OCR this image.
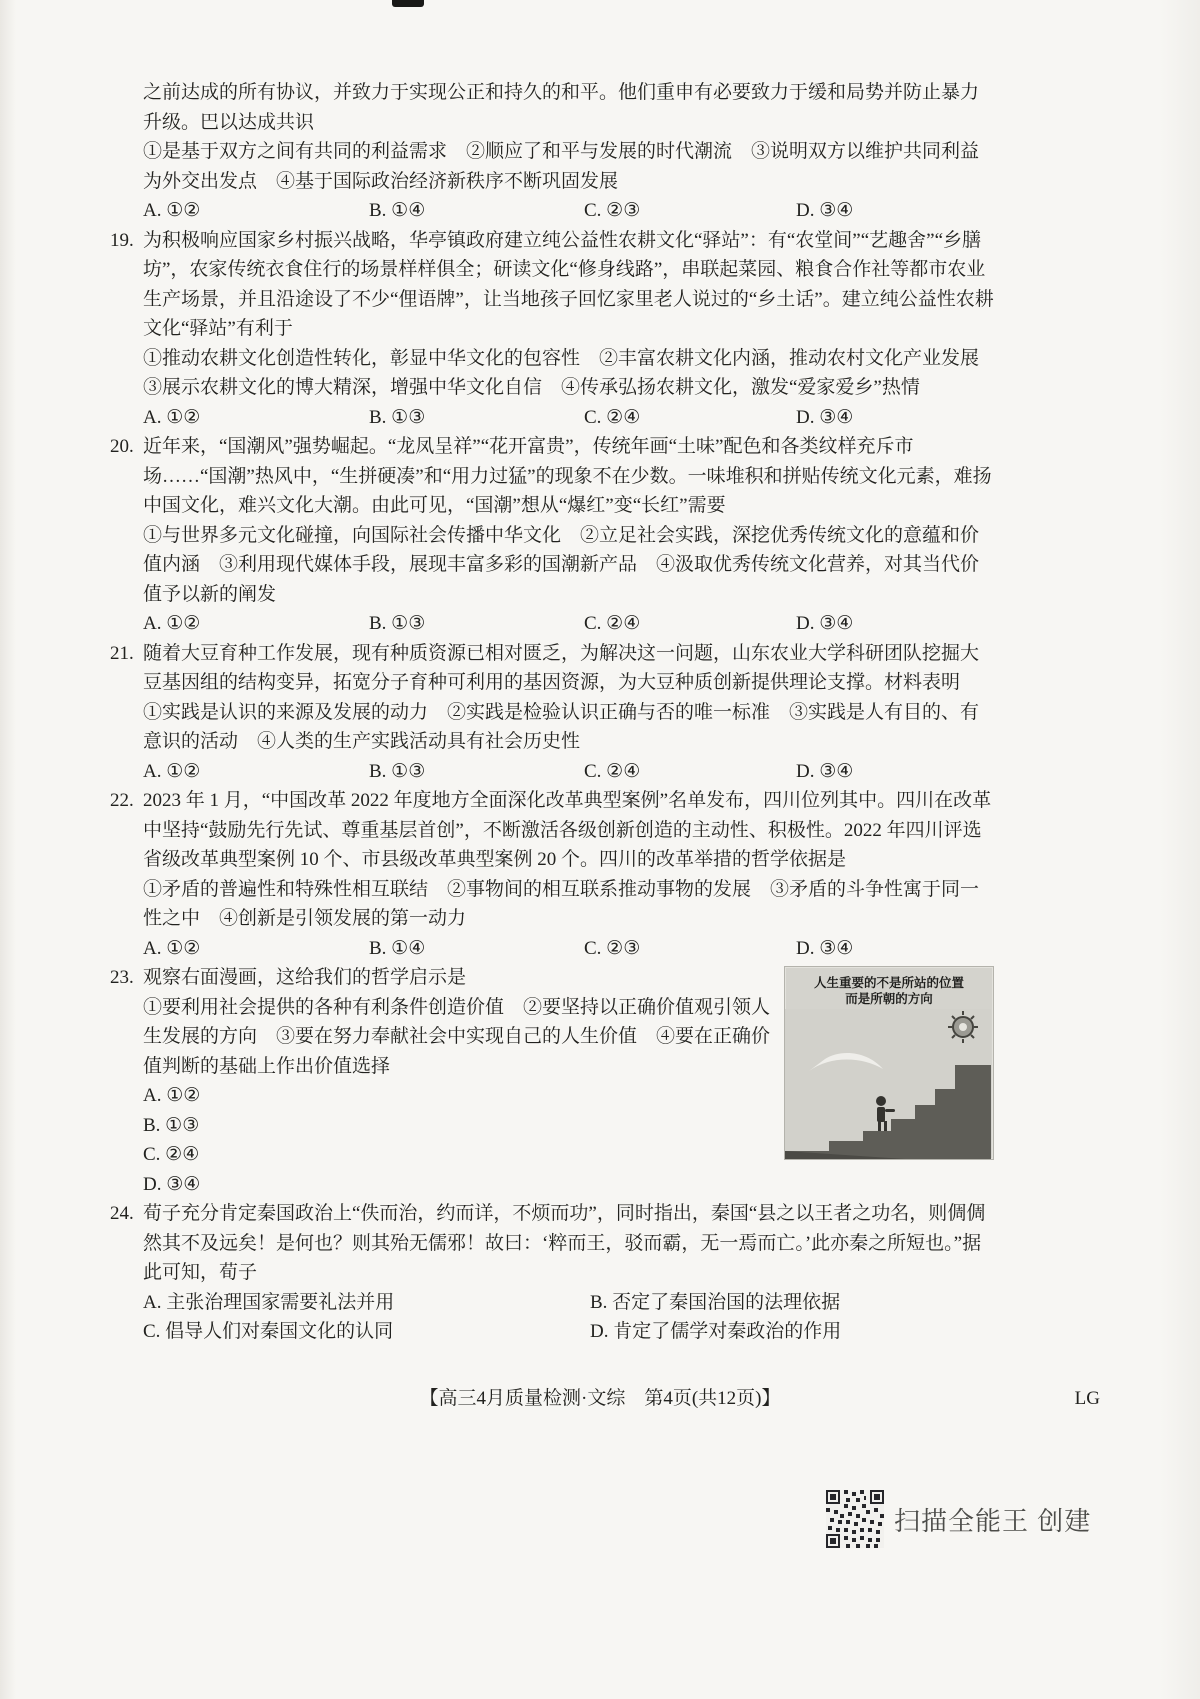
之前达成的所有协议，并致力于实现公正和持久的和平。他们重申有必要致力于缓和局势并防止暴力升级。巴以达成共识

①是基于双方之间有共同的利益需求　②顺应了和平与发展的时代潮流　③说明双方以维护共同利益为外交出发点　④基于国际政治经济新秩序不断巩固发展

A. ①②	B. ①④	C. ②③	D. ③④
19. 为积极响应国家乡村振兴战略，华亭镇政府建立纯公益性农耕文化“驿站”：有“农堂间”“艺趣舍”“乡膳坊”，农家传统衣食住行的场景样样俱全；研读文化“修身线路”，串联起菜园、粮食合作社等都市农业生产场景，并且沿途设了不少“俚语牌”，让当地孩子回忆家里老人说过的“乡土话”。建立纯公益性农耕文化“驿站”有利于

①推动农耕文化创造性转化，彰显中华文化的包容性　②丰富农耕文化内涵，推动农村文化产业发展　③展示农耕文化的博大精深，增强中华文化自信　④传承弘扬农耕文化，激发“爱家爱乡”热情

A. ①②	B. ①③	C. ②④	D. ③④
20. 近年来，“国潮风”强势崛起。“龙凤呈祥”“花开富贵”，传统年画“土味”配色和各类纹样充斥市场……“国潮”热风中，“生拼硬凑”和“用力过猛”的现象不在少数。一味堆积和拼贴传统文化元素，难扬中国文化，难兴文化大潮。由此可见，“国潮”想从“爆红”变“长红”需要

①与世界多元文化碰撞，向国际社会传播中华文化　②立足社会实践，深挖优秀传统文化的意蕴和价值内涵　③利用现代媒体手段，展现丰富多彩的国潮新产品　④汲取优秀传统文化营养，对其当代价值予以新的阐发

A. ①②	B. ①③	C. ②④	D. ③④
21. 随着大豆育种工作发展，现有种质资源已相对匮乏，为解决这一问题，山东农业大学科研团队挖掘大豆基因组的结构变异，拓宽分子育种可利用的基因资源，为大豆种质创新提供理论支撑。材料表明

①实践是认识的来源及发展的动力　②实践是检验认识正确与否的唯一标准　③实践是人有目的、有意识的活动　④人类的生产实践活动具有社会历史性

A. ①②	B. ①③	C. ②④	D. ③④
22. 2023 年 1 月，“中国改革 2022 年度地方全面深化改革典型案例”名单发布，四川位列其中。四川在改革中坚持“鼓励先行先试、尊重基层首创”，不断激活各级创新创造的主动性、积极性。2022 年四川评选省级改革典型案例 10 个、市县级改革典型案例 20 个。四川的改革举措的哲学依据是

①矛盾的普遍性和特殊性相互联结　②事物间的相互联系推动事物的发展　③矛盾的斗争性寓于同一性之中　④创新是引领发展的第一动力

A. ①②	B. ①④	C. ②③	D. ③④
23.	人生重要的不是所站的位置
而是所朝的方向

观察右面漫画，这给我们的哲学启示是

①要利用社会提供的各种有利条件创造价值　②要坚持以正确价值观引领人生发展的方向　③要在努力奉献社会中实现自己的人生价值　④要在正确价值判断的基础上作出价值选择

A. ①②
B. ①③
C. ②④
D. ③④
24. 荀子充分肯定秦国政治上“佚而治，约而详，不烦而功”，同时指出，秦国“县之以王者之功名，则倜倜然其不及远矣！是何也？则其殆无儒邪！故曰：‘粹而王，驳而霸，无一焉而亡。’此亦秦之所短也。”据此可知，荀子

A. 主张治理国家需要礼法并用	B. 否定了秦国治国的法理依据
C. 倡导人们对秦国文化的认同	D. 肯定了儒学对秦政治的作用
【高三4月质量检测·文综　第4页(共12页)】	LG
扫描全能王 创建
